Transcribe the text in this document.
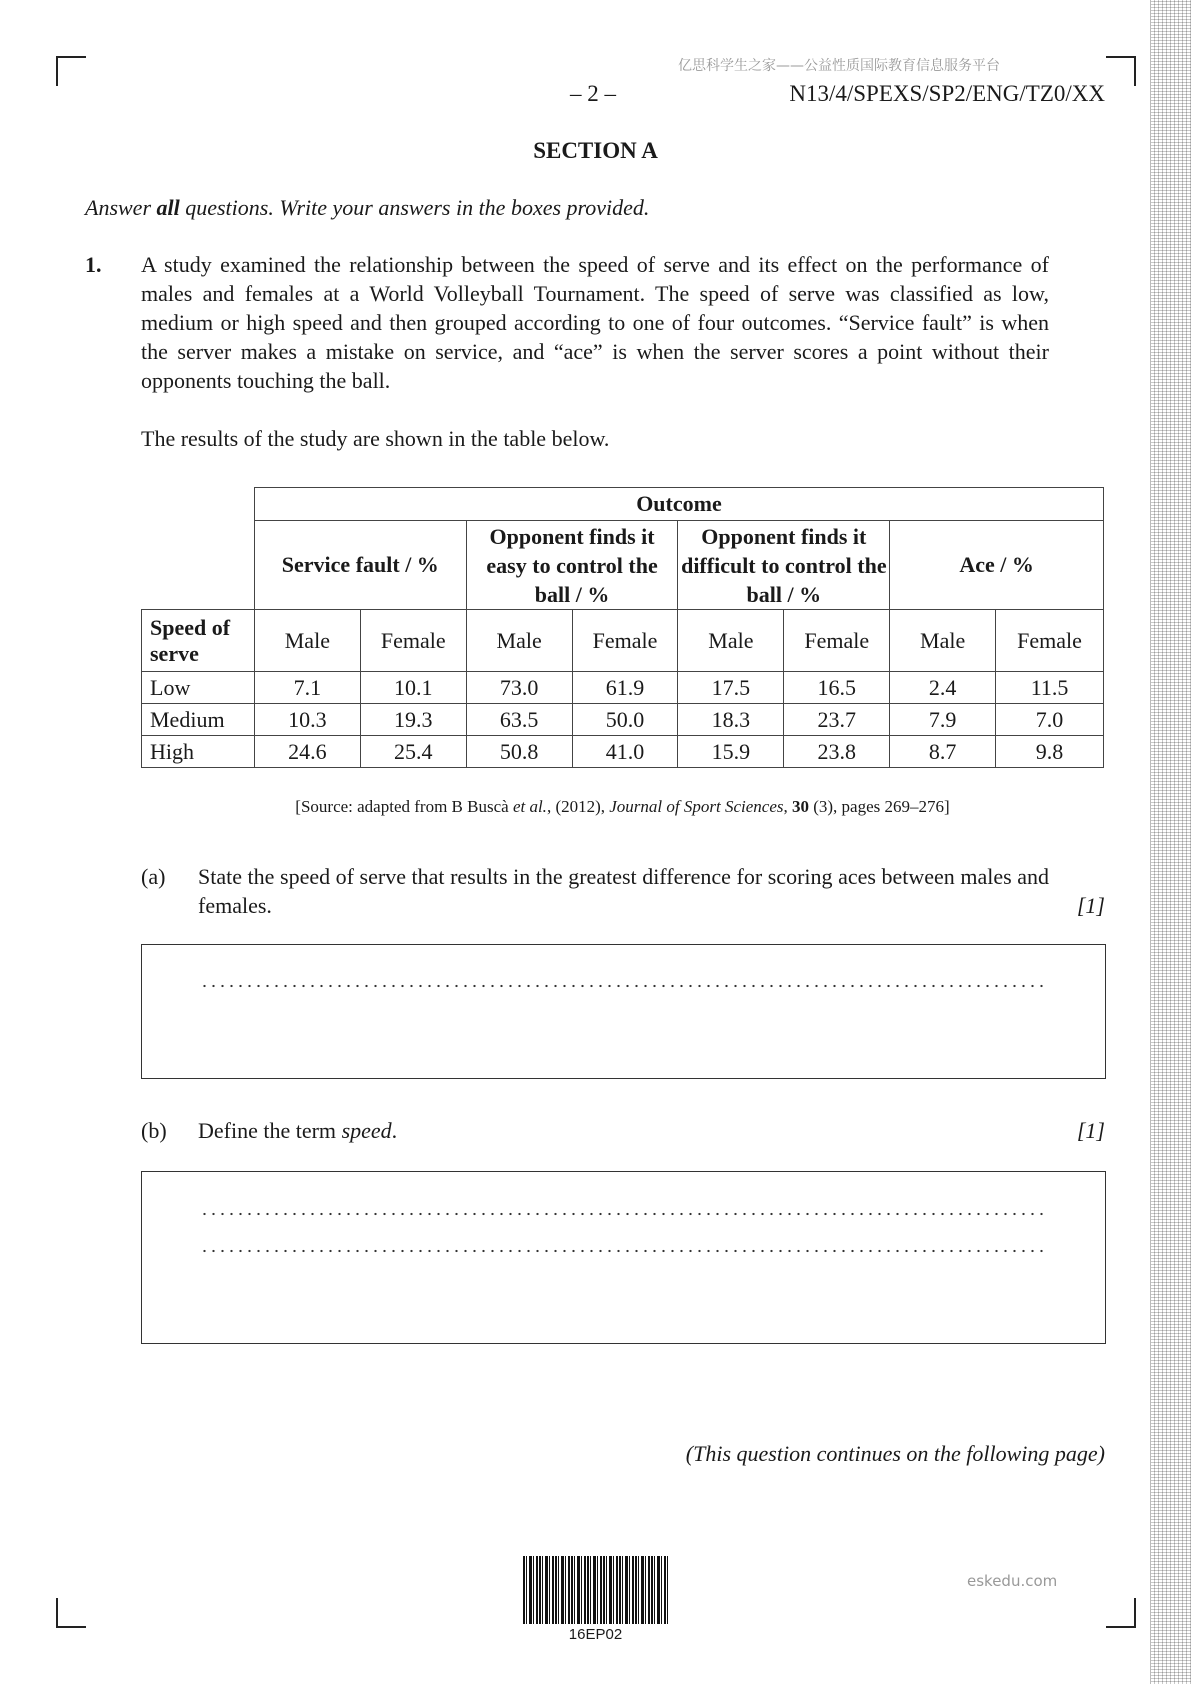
亿思科学生之家——公益性质国际教育信息服务平台
eskedu.com
– 2 –	N13/4/SPEXS/SP2/ENG/TZ0/XX
SECTION A
Answer all questions. Write your answers in the boxes provided.
1. A study examined the relationship between the speed of serve and its effect on the performance of males and females at a World Volleyball Tournament. The speed of serve was classified as low, medium or high speed and then grouped according to one of four outcomes. “Service fault” is when the server makes a mistake on service, and “ace” is when the server scores a point without their opponents touching the ball.
The results of the study are shown in the table below.
	Outcome							
	Service fault / %		Opponent finds it easy to control the ball / %		Opponent finds it difficult to control the ball / %		Ace / %	
Speed of serve	Male	Female	Male	Female	Male	Female	Male	Female
Low	7.1	10.1	73.0	61.9	17.5	16.5	2.4	11.5
Medium	10.3	19.3	63.5	50.0	18.3	23.7	7.9	7.0
High	24.6	25.4	50.8	41.0	15.9	23.8	8.7	9.8
[Source: adapted from B Buscà et al., (2012), Journal of Sport Sciences, 30 (3), pages 269–276]
(a) State the speed of serve that results in the greatest difference for scoring aces between males and females.	[1]
(b) Define the term speed.	[1]
(This question continues on the following page)
16EP02
